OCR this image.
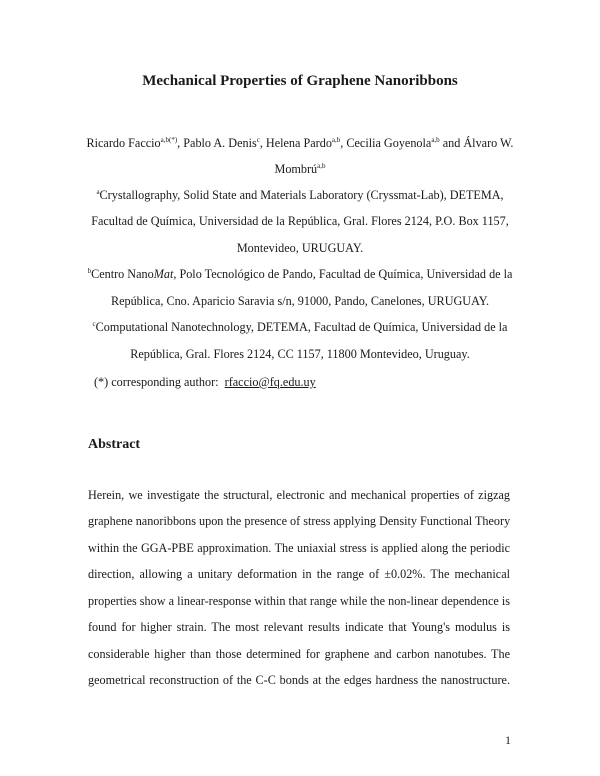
Mechanical Properties of Graphene Nanoribbons
Ricardo Faccio$^{a,b(*)}$, Pablo A. Denis$^c$, Helena Pardo$^{a,b}$, Cecilia Goyenola$^{a,b}$ and Álvaro W.
Mombrú$^{a,b}$
$^a$Crystallography, Solid State and Materials Laboratory (Cryssmat-Lab), DETEMA,
Facultad de Química, Universidad de la República, Gral. Flores 2124, P.O. Box 1157,
Montevideo, URUGUAY.
$^b$Centro NanoMat, Polo Tecnológico de Pando, Facultad de Química, Universidad de la
República, Cno. Aparicio Saravia s/n, 91000, Pando, Canelones, URUGUAY.
$^c$Computational Nanotechnology, DETEMA, Facultad de Química, Universidad de la
República, Gral. Flores 2124, CC 1157, 11800 Montevideo, Uruguay.
(*) corresponding author: rfaccio@fq.edu.uy
Abstract
Herein, we investigate the structural, electronic and mechanical properties of zigzag
graphene nanoribbons upon the presence of stress applying Density Functional Theory
within the GGA-PBE approximation. The uniaxial stress is applied along the periodic
direction, allowing a unitary deformation in the range of ±0.02%. The mechanical
properties show a linear-response within that range while the non-linear dependence is
found for higher strain. The most relevant results indicate that Young's modulus is
considerable higher than those determined for graphene and carbon nanotubes. The
geometrical reconstruction of the C-C bonds at the edges hardness the nanostructure.
1
